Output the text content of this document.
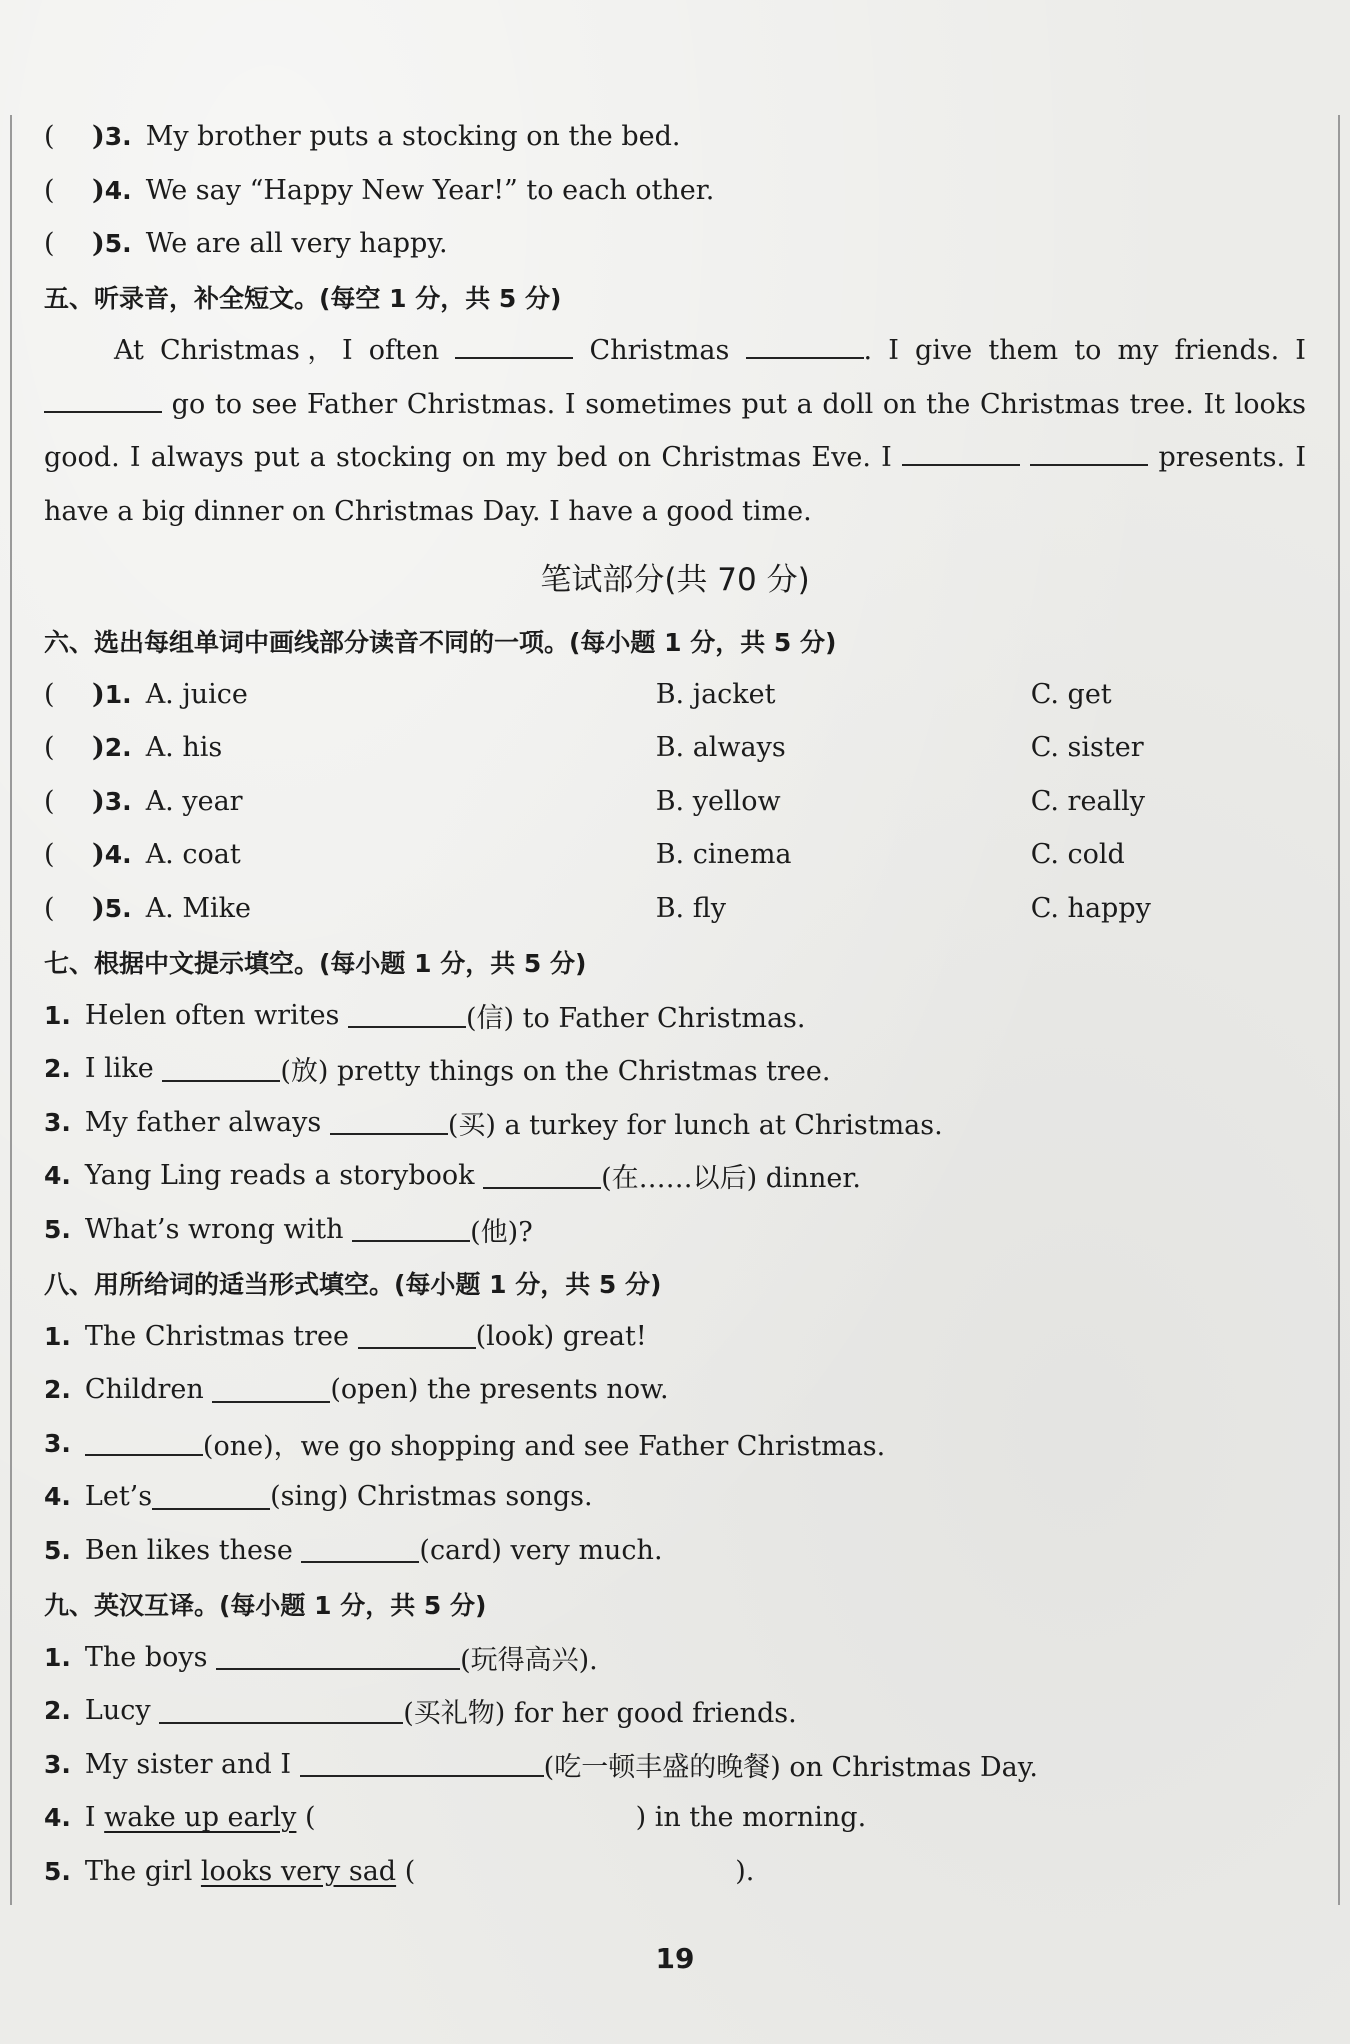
(	) 3. My brother puts a stocking on the bed.
(	) 4. We say “Happy New Year!” to each other.
(	) 5. We are all very happy.
五、听录音，补全短文。(每空 1 分，共 5 分)
At Christmas，I often	Christmas	. I give them to my friends. I  go to see Father Christmas. I sometimes put a doll on the Christmas tree. It looks good. I always put a stocking on my bed on Christmas Eve. I	presents. I have a big dinner on Christmas Day. I have a good time.
笔试部分(共 70 分)
六、选出每组单词中画线部分读音不同的一项。(每小题 1 分，共 5 分)
(	) 1. A. juice	B. jacket	C. get
(	) 2. A. his	B. always	C. sister
(	) 3. A. year	B. yellow	C. really
(	) 4. A. coat	B. cinema	C. cold
(	) 5. A. Mike	B. fly	C. happy
七、根据中文提示填空。(每小题 1 分，共 5 分)
1. Helen often writes
	(信) to Father Christmas.
2. I like
	(放) pretty things on the Christmas tree.
3. My father always
	(买) a turkey for lunch at Christmas.
4. Yang Ling reads a storybook
	(在……以后) dinner.
5. What’s wrong with
	(他)?
八、用所给词的适当形式填空。(每小题 1 分，共 5 分)
1. The Christmas tree
	(look) great!
2. Children
	(open) the presents now.
3.	(one)，we go shopping and see Father Christmas.
4. Let’s	(sing) Christmas songs.
5. Ben likes these
	(card) very much.
九、英汉互译。(每小题 1 分，共 5 分)
1. The boys
	(玩得高兴).
2. Lucy
	(买礼物) for her good friends.
3. My sister and I
	(吃一顿丰盛的晚餐) on Christmas Day.
4. I
wake up early
(	) in the morning.
5. The girl
looks very sad
(	).
19
